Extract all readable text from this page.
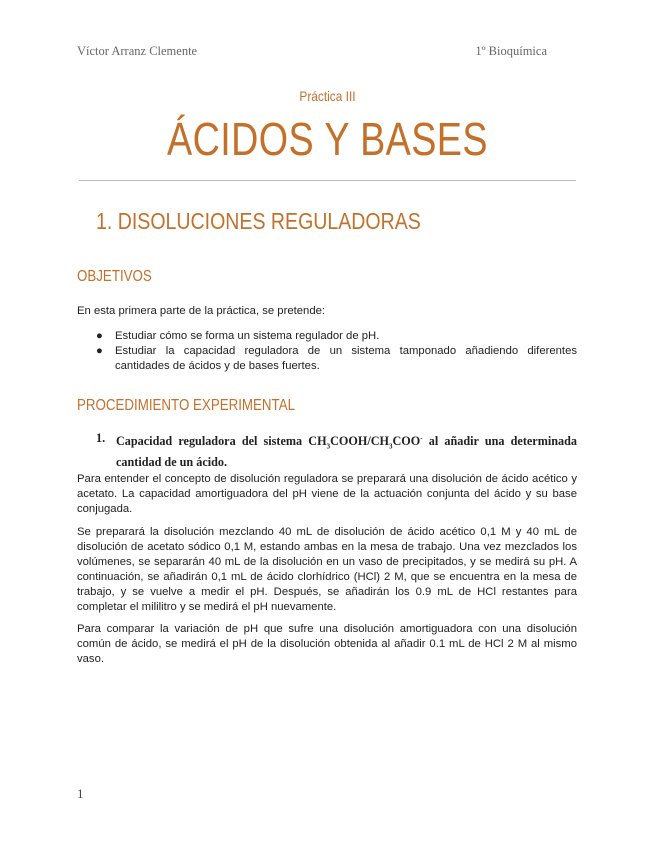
Víctor Arranz Clemente	1º Bioquímica
Práctica III
ÁCIDOS Y BASES
1. DISOLUCIONES REGULADORAS
OBJETIVOS
En esta primera parte de la práctica, se pretende:
● Estudiar cómo se forma un sistema regulador de pH.
● Estudiar la capacidad reguladora de un sistema tamponado añadiendo diferentes cantidades de ácidos y de bases fuertes.
PROCEDIMIENTO EXPERIMENTAL
1. Capacidad reguladora del sistema $CH_3COOH/CH_3COO^-$ al añadir una determinada cantidad de un ácido.
Para entender el concepto de disolución reguladora se preparará una disolución de ácido acético y acetato. La capacidad amortiguadora del pH viene de la actuación conjunta del ácido y su base conjugada.
Se preparará la disolución mezclando 40 mL de disolución de ácido acético 0,1 M y 40 mL de disolución de acetato sódico 0,1 M, estando ambas en la mesa de trabajo. Una vez mezclados los volúmenes, se separarán 40 mL de la disolución en un vaso de precipitados, y se medirá su pH. A continuación, se añadirán 0,1 mL de ácido clorhídrico (HCl) 2 M, que se encuentra en la mesa de trabajo, y se vuelve a medir el pH. Después, se añadirán los 0.9 mL de HCl restantes para completar el mililitro y se medirá el pH nuevamente.
Para comparar la variación de pH que sufre una disolución amortiguadora con una disolución común de ácido, se medirá el pH de la disolución obtenida al añadir 0.1 mL de HCl 2 M al mismo vaso.
1
